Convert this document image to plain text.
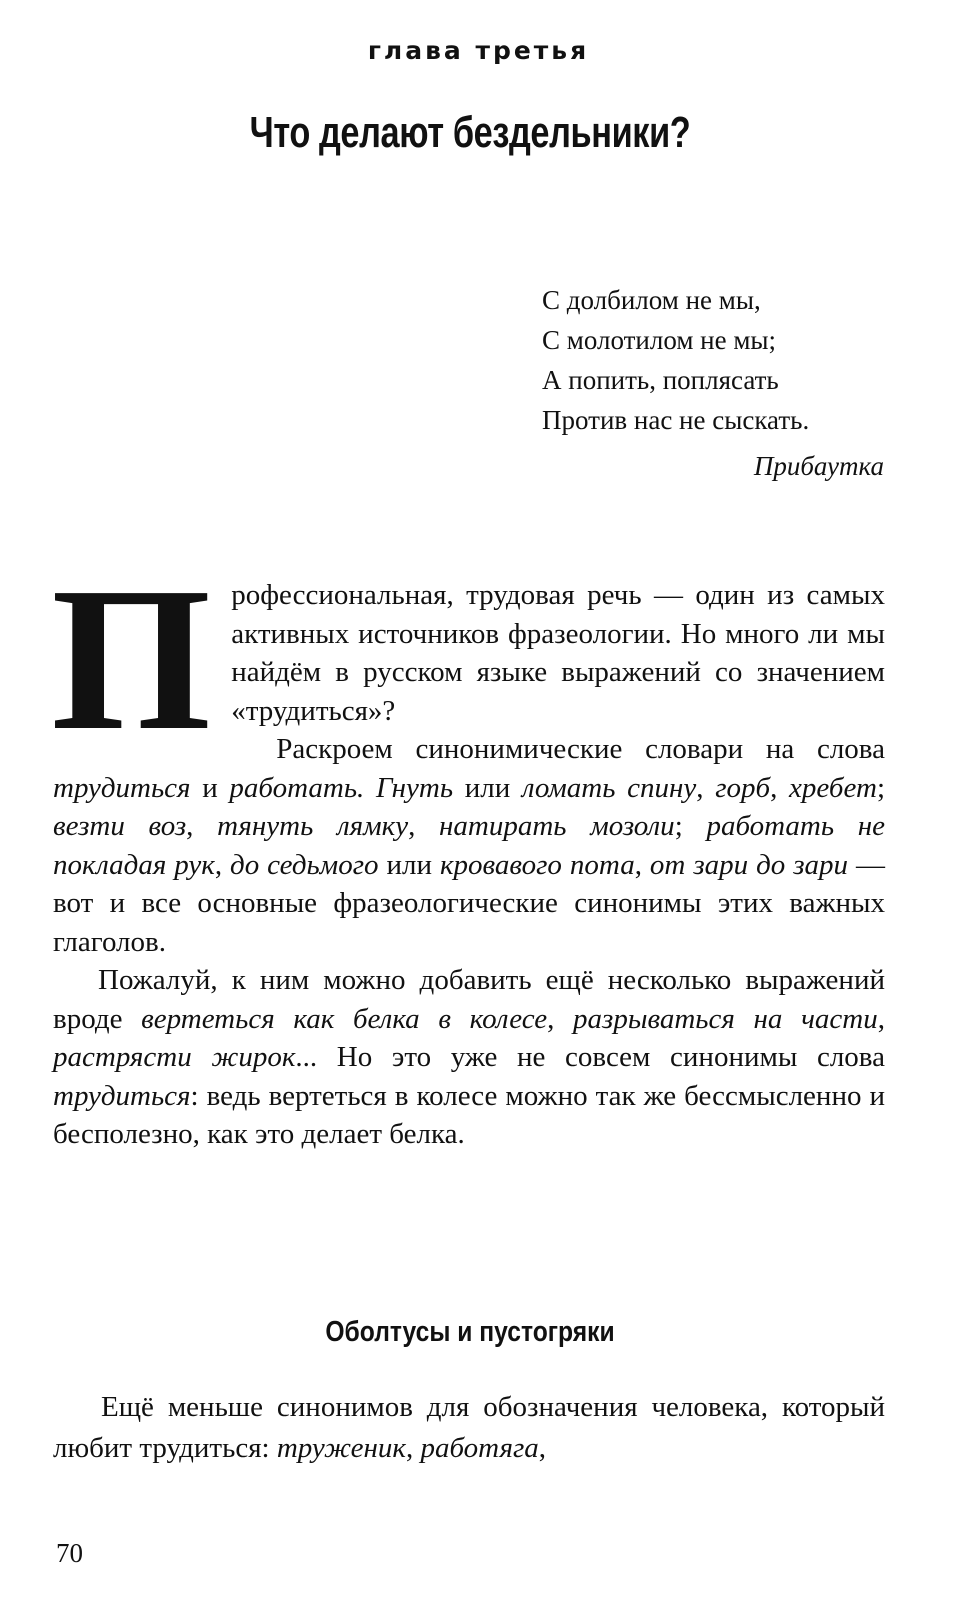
глава третья
Что делают бездельники?
С долбилом не мы,
С молотилом не мы;
А попить, поплясать
Против нас не сыскать.
Прибаутка

Профессиональная, трудовая речь — один из самых активных источников фразеологии. Но много ли мы найдём в русском языке выражений со значением «трудиться»?

Раскроем синонимические словари на слова трудиться и работать. Гнуть или ломать спину, горб, хребет; везти воз, тянуть лямку, натирать мозоли; работать не покладая рук, до седьмого или кровавого пота, от зари до зари — вот и все основные фразеологические синонимы этих важных глаголов.

Пожалуй, к ним можно добавить ещё несколько выражений вроде вертеться как белка в колесе, разрываться на части, растрясти жирок... Но это уже не совсем синонимы слова трудиться: ведь вертеться в колесе можно так же бессмысленно и бесполезно, как это делает белка.

Оболтусы и пустогряки

Ещё меньше синонимов для обозначения человека, который любит трудиться: труженик, работяга,

70
